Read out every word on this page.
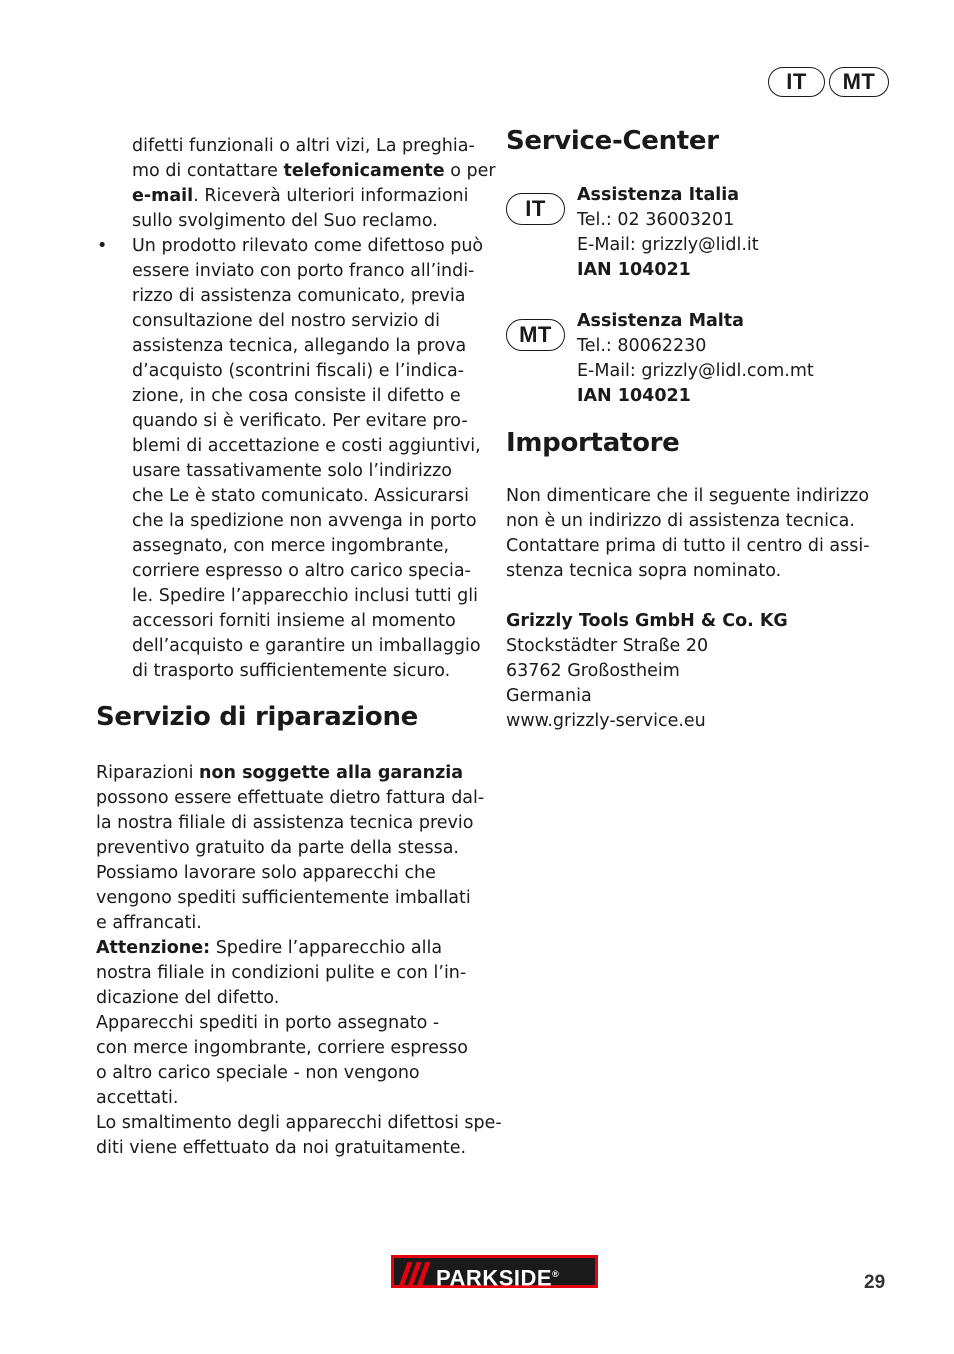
IT	MT

difetti funzionali o altri vizi, La preghia-

mo di contattare telefonicamente o per

e-mail. Riceverà ulteriori informazioni

sullo svolgimento del Suo reclamo.

• Un prodotto rilevato come difettoso può

essere inviato con porto franco all’indi-

rizzo di assistenza comunicato, previa

consultazione del nostro servizio di

assistenza tecnica, allegando la prova

d’acquisto (scontrini fiscali) e l’indica-

zione, in che cosa consiste il difetto e

quando si è verificato. Per evitare pro-

blemi di accettazione e costi aggiuntivi,

usare tassativamente solo l’indirizzo

che Le è stato comunicato. Assicurarsi

che la spedizione non avvenga in porto

assegnato, con merce ingombrante,

corriere espresso o altro carico specia-

le. Spedire l’apparecchio inclusi tutti gli

accessori forniti insieme al momento

dell’acquisto e garantire un imballaggio

di trasporto sufficientemente sicuro.

Servizio di riparazione

Riparazioni non soggette alla garanzia

possono essere effettuate dietro fattura dal-

la nostra filiale di assistenza tecnica previo

preventivo gratuito da parte della stessa.

Possiamo lavorare solo apparecchi che

vengono spediti sufficientemente imballati

e affrancati.

Attenzione: Spedire l’apparecchio alla

nostra filiale in condizioni pulite e con l’in-

dicazione del difetto.

Apparecchi spediti in porto assegnato -

con merce ingombrante, corriere espresso

o altro carico speciale - non vengono

accettati.

Lo smaltimento degli apparecchi difettosi spe-

diti viene effettuato da noi gratuitamente.

Service-Center
IT

Assistenza Italia

Tel.: 02 36003201

E-Mail: grizzly@lidl.it

IAN 104021

MT

Assistenza Malta

Tel.: 80062230

E-Mail: grizzly@lidl.com.mt

IAN 104021

Importatore

Non dimenticare che il seguente indirizzo

non è un indirizzo di assistenza tecnica.

Contattare prima di tutto il centro di assi-

stenza tecnica sopra nominato.

Grizzly Tools GmbH & Co. KG

Stockstädter Straße 20

63762 Großostheim

Germania

www.grizzly-service.eu

PARKSIDE®	29
